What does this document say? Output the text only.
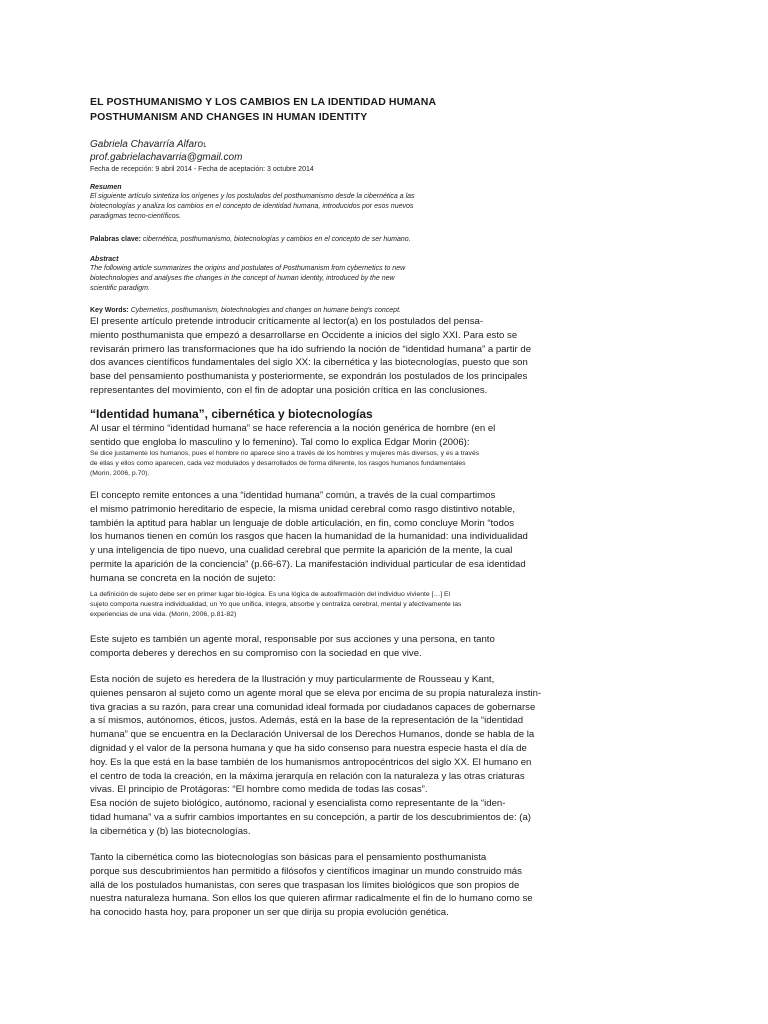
EL POSTHUMANISMO Y LOS CAMBIOS EN LA IDENTIDAD HUMANA

POSTHUMANISM AND CHANGES IN HUMAN IDENTITY

Gabriela Chavarría Alfaro1

prof.gabrielachavarria@gmail.com

Fecha de recepción: 9 abril 2014 - Fecha de aceptación: 3 octubre 2014

Resumen

El siguiente artículo sintetiza los orígenes y los postulados del posthumanismo desde la cibernética a las
biotecnologías y analiza los cambios en el concepto de identidad humana, introducidos por esos nuevos
paradigmas tecno-científicos.

Palabras clave: cibernética, posthumanismo, biotecnologías y cambios en el concepto de ser humano.

Abstract

The following article summarizes the origins and postulates of Posthumanism from cybernetics to new
biotechnologies and analyses the changes in the concept of human identity, introduced by the new
scientific paradigm.

Key Words: Cybernetics, posthumanism, biotechnologies and changes on humane being's concept.

El presente artículo pretende introducir críticamente al lector(a) en los postulados del pensa-
miento posthumanista que empezó a desarrollarse en Occidente a inicios del siglo XXI. Para esto se
revisarán primero las transformaciones que ha ido sufriendo la noción de “identidad humana” a partir de
dos avances científicos fundamentales del siglo XX: la cibernética y las biotecnologías, puesto que son
base del pensamiento posthumanista y posteriormente, se expondrán los postulados de los principales
representantes del movimiento, con el fin de adoptar una posición crítica en las conclusiones.
“Identidad humana”, cibernética y biotecnologías
Al usar el término “identidad humana” se hace referencia a la noción genérica de hombre (en el
sentido que engloba lo masculino y lo femenino). Tal como lo explica Edgar Morin (2006):
Se dice justamente los humanos, pues el hombre no aparece sino a través de los hombres y mujeres más diversos, y es a través
de ellas y ellos como aparecen, cada vez modulados y desarrollados de forma diferente, los rasgos humanos fundamentales
(Morin, 2006, p.70).
El concepto remite entonces a una “identidad humana” común, a través de la cual compartimos
el mismo patrimonio hereditario de especie, la misma unidad cerebral como rasgo distintivo notable,
también la aptitud para hablar un lenguaje de doble articulación, en fin, como concluye Morin “todos
los humanos tienen en común los rasgos que hacen la humanidad de la humanidad: una individualidad
y una inteligencia de tipo nuevo, una cualidad cerebral que permite la aparición de la mente, la cual
permite la aparición de la conciencia” (p.66-67). La manifestación individual particular de esa identidad
humana se concreta en la noción de sujeto:
La definición de sujeto debe ser en primer lugar bio-lógica. Es una lógica de autoafirmación del individuo viviente […] El
sujeto comporta nuestra individualidad, un Yo que unifica, integra, absorbe y centraliza cerebral, mental y afectivamente las
experiencias de una vida. (Morin, 2006, p.81-82)
Este sujeto es también un agente moral, responsable por sus acciones y una persona, en tanto
comporta deberes y derechos en su compromiso con la sociedad en que vive.
Esta noción de sujeto es heredera de la Ilustración y muy particularmente de Rousseau y Kant,
quienes pensaron al sujeto como un agente moral que se eleva por encima de su propia naturaleza instin-
tiva gracias a su razón, para crear una comunidad ideal formada por ciudadanos capaces de gobernarse
a sí mismos, autónomos, éticos, justos. Además, está en la base de la representación de la “identidad
humana” que se encuentra en la Declaración Universal de los Derechos Humanos, donde se habla de la
dignidad y el valor de la persona humana y que ha sido consenso para nuestra especie hasta el día de
hoy. Es la que está en la base también de los humanismos antropocéntricos del siglo XX. El humano en
el centro de toda la creación, en la máxima jerarquía en relación con la naturaleza y las otras criaturas
vivas. El principio de Protágoras: “El hombre como medida de todas las cosas”.
Esa noción de sujeto biológico, autónomo, racional y esencialista como representante de la “iden-
tidad humana” va a sufrir cambios importantes en su concepción, a partir de los descubrimientos de: (a)
la cibernética y (b) las biotecnologías.
Tanto la cibernética como las biotecnologías son básicas para el pensamiento posthumanista
porque sus descubrimientos han permitido a filósofos y científicos imaginar un mundo construido más
allá de los postulados humanistas, con seres que traspasan los límites biológicos que son propios de
nuestra naturaleza humana. Son ellos los que quieren afirmar radicalmente el fin de lo humano como se
ha conocido hasta hoy, para proponer un ser que dirija su propia evolución genética.
